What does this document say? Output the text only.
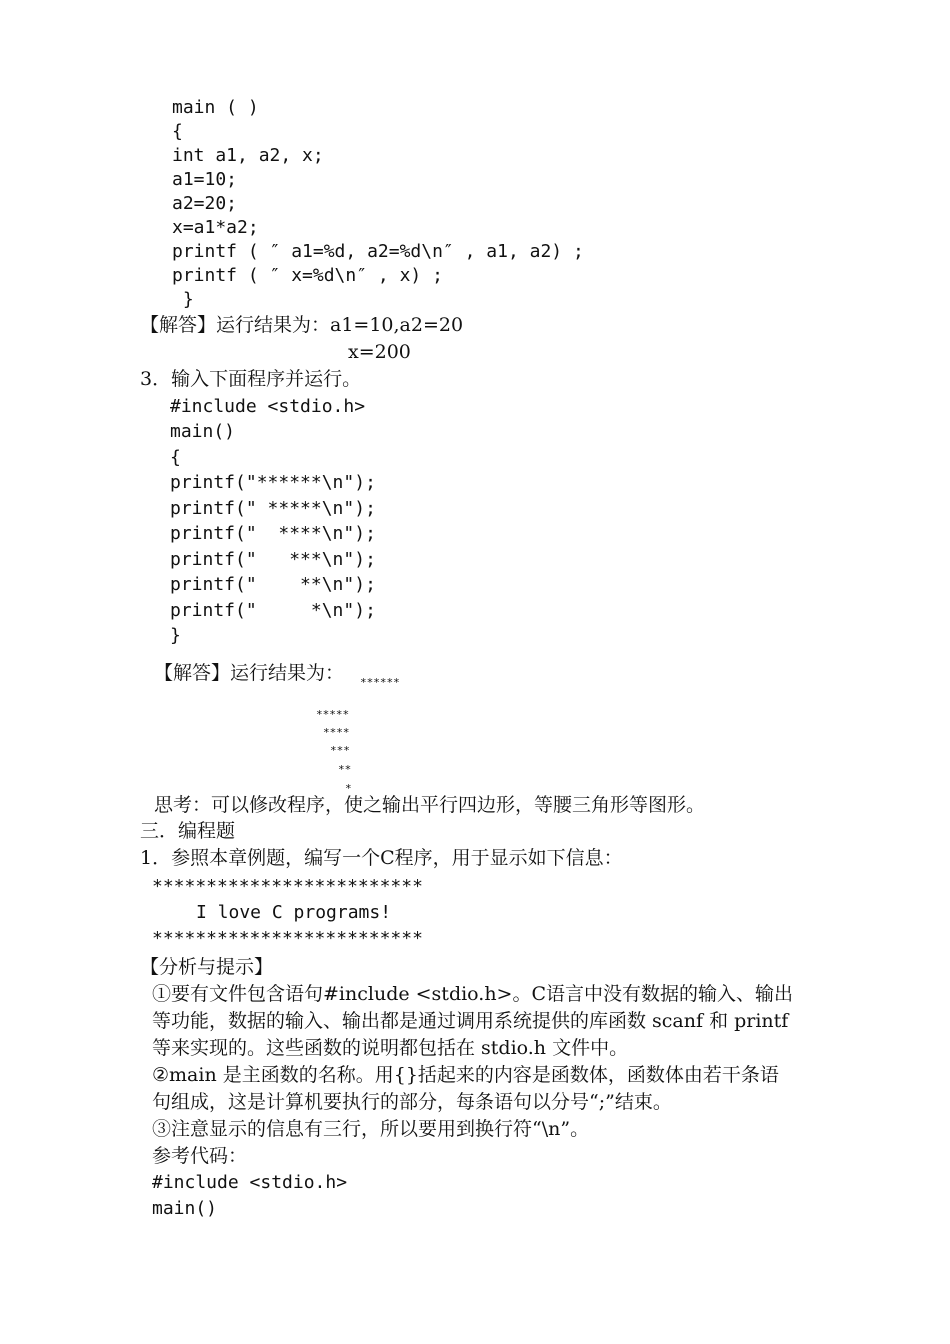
main ( )
{
int a1, a2, x;
a1=10;
a2=20;
x=a1*a2;
printf ( ″ a1=%d, a2=%d\n″ , a1, a2) ;
printf ( ″ x=%d\n″ , x) ;
}
【解答】运行结果为：a1=10,a2=20
x=200
3．输入下面程序并运行。
#include <stdio.h>
main()
{
printf("******\n");
printf(" *****\n");
printf("  ****\n");
printf("   ***\n");
printf("    **\n");
printf("     *\n");
}
【解答】运行结果为： ******
*****
****
***
**
*
思考：可以修改程序，使之输出平行四边形，等腰三角形等图形。
三．编程题
1．参照本章例题，编写一个C程序，用于显示如下信息：
*************************
I love C programs!
*************************
【分析与提示】
①要有文件包含语句#include <stdio.h>。C语言中没有数据的输入、输出
等功能，数据的输入、输出都是通过调用系统提供的库函数 scanf 和 printf
等来实现的。这些函数的说明都包括在 stdio.h 文件中。
②main 是主函数的名称。用{}括起来的内容是函数体，函数体由若干条语
句组成，这是计算机要执行的部分，每条语句以分号“;”结束。
③注意显示的信息有三行，所以要用到换行符“\n”。
参考代码：
#include <stdio.h>
main()
